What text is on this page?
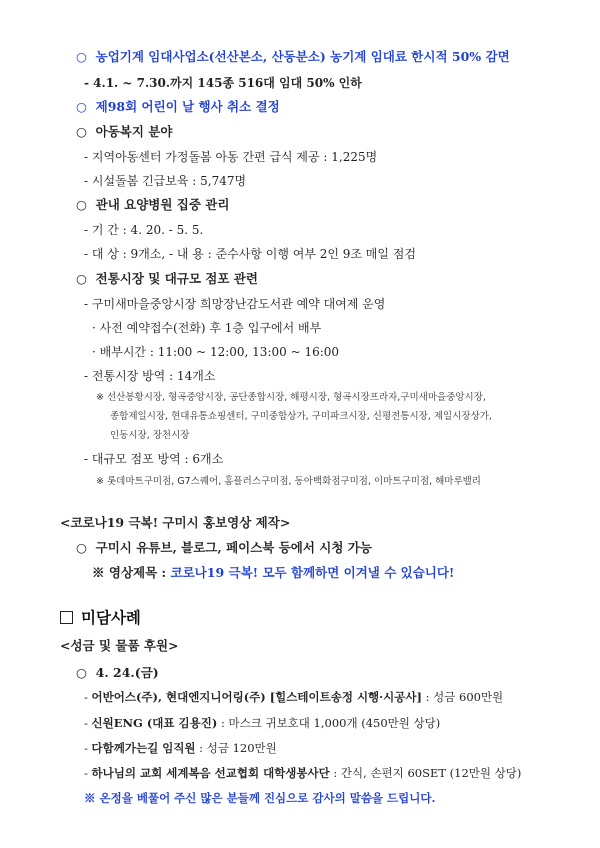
○ 농업기계 임대사업소(선산본소, 산동분소) 농기계 임대료 한시적 50% 감면
- 4.1. ~ 7.30.까지 145종 516대 임대 50% 인하
○ 제98회 어린이 날 행사 취소 결정
○ 아동복지 분야
- 지역아동센터 가정돌봄 아동 간편 급식 제공 : 1,225명
- 시설돌봄 긴급보육 : 5,747명
○ 관내 요양병원 집중 관리
- 기 간 : 4. 20. - 5. 5.
- 대 상 : 9개소, - 내 용 : 준수사항 이행 여부 2인 9조 매일 점검
○ 전통시장 및 대규모 점포 관련
- 구미새마을중앙시장 희망장난감도서관 예약 대여제 운영
· 사전 예약접수(전화) 후 1층 입구에서 배부
· 배부시간 : 11:00 ~ 12:00, 13:00 ~ 16:00
- 전통시장 방역 : 14개소
※ 선산봉황시장, 형곡중앙시장, 공단종합시장, 해평시장, 형곡시장프라자,구미새마을중앙시장,
종합제일시장, 현대유통쇼핑센터, 구미중합상가, 구미파크시장, 신평전통시장, 제일시장상가,
인동시장, 장천시장
- 대규모 점포 방역 : 6개소
※ 롯데마트구미점, G7스퀘어, 홈플러스구미점, 동아백화점구미점, 이마트구미점, 해마루밸리
<코로나19 극복! 구미시 홍보영상 제작>
○ 구미시 유튜브, 블로그, 페이스북 등에서 시청 가능
※ 영상제목 : 코로나19 극복! 모두 함께하면 이겨낼 수 있습니다!
미담사례
<성금 및 물품 후원>
○ 4. 24.(금)
- 어반어스(주), 현대엔지니어링(주) [힐스테이트송정 시행·시공사] : 성금 600만원
- 신원ENG (대표 김용진) : 마스크 귀보호대 1,000개 (450만원 상당)
- 다함께가는길 임직원 : 성금 120만원
- 하나님의 교회 세계복음 선교협회 대학생봉사단 : 간식, 손편지 60SET (12만원 상당)
※ 온정을 베풀어 주신 많은 분들께 진심으로 감사의 말씀을 드립니다.
